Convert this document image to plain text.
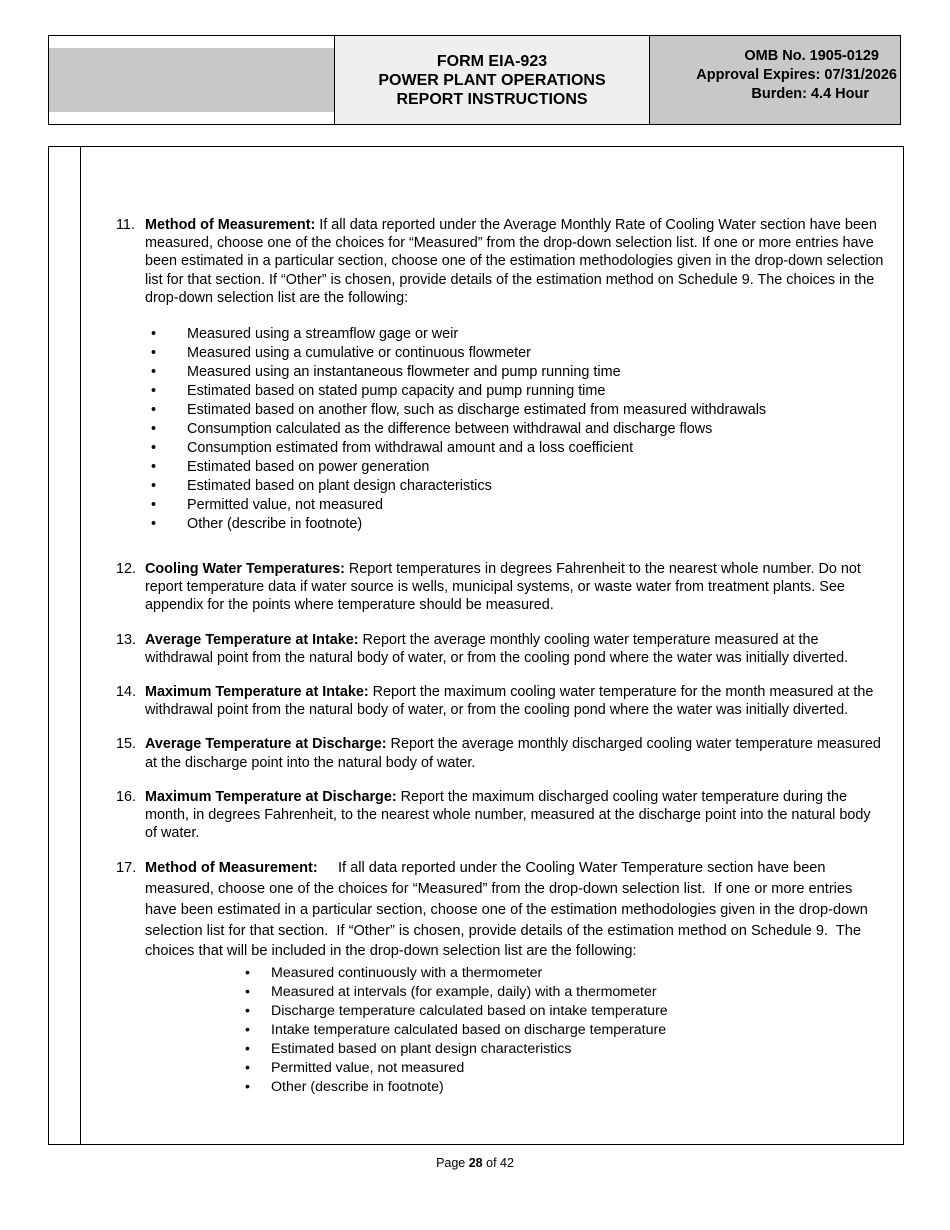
FORM EIA-923
POWER PLANT OPERATIONS
REPORT INSTRUCTIONS
OMB No. 1905-0129
Approval Expires: 07/31/2026
Burden: 4.4 Hour
11. Method of Measurement: If all data reported under the Average Monthly Rate of Cooling Water section have been measured, choose one of the choices for “Measured” from the drop-down selection list. If one or more entries have been estimated in a particular section, choose one of the estimation methodologies given in the drop-down selection list for that section. If “Other” is chosen, provide details of the estimation method on Schedule 9. The choices in the drop-down selection list are the following:
• Measured using a streamflow gage or weir
• Measured using a cumulative or continuous flowmeter
• Measured using an instantaneous flowmeter and pump running time
• Estimated based on stated pump capacity and pump running time
• Estimated based on another flow, such as discharge estimated from measured withdrawals
• Consumption calculated as the difference between withdrawal and discharge flows
• Consumption estimated from withdrawal amount and a loss coefficient
• Estimated based on power generation
• Estimated based on plant design characteristics
• Permitted value, not measured
• Other (describe in footnote)
12. Cooling Water Temperatures: Report temperatures in degrees Fahrenheit to the nearest whole number. Do not report temperature data if water source is wells, municipal systems, or waste water from treatment plants. See appendix for the points where temperature should be measured.
13. Average Temperature at Intake: Report the average monthly cooling water temperature measured at the withdrawal point from the natural body of water, or from the cooling pond where the water was initially diverted.
14. Maximum Temperature at Intake: Report the maximum cooling water temperature for the month measured at the withdrawal point from the natural body of water, or from the cooling pond where the water was initially diverted.
15. Average Temperature at Discharge: Report the average monthly discharged cooling water temperature measured at the discharge point into the natural body of water.
16. Maximum Temperature at Discharge: Report the maximum discharged cooling water temperature during the month, in degrees Fahrenheit, to the nearest whole number, measured at the discharge point into the natural body of water.
17. Method of Measurement:     If all data reported under the Cooling Water Temperature section have been measured, choose one of the choices for “Measured” from the drop-down selection list.  If one or more entries have been estimated in a particular section, choose one of the estimation methodologies given in the drop-down selection list for that section.  If “Other” is chosen, provide details of the estimation method on Schedule 9.  The choices that will be included in the drop-down selection list are the following:
• Measured continuously with a thermometer
• Measured at intervals (for example, daily) with a thermometer
• Discharge temperature calculated based on intake temperature
• Intake temperature calculated based on discharge temperature
• Estimated based on plant design characteristics
• Permitted value, not measured
• Other (describe in footnote)
Page 28 of 42
